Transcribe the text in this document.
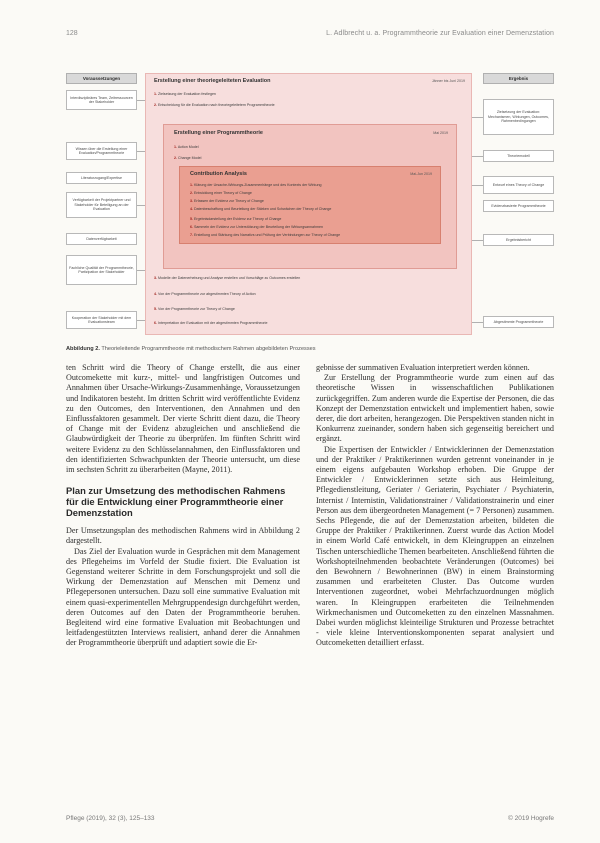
128	L. Adlbrecht u. a. Programmtheorie zur Evaluation einer Demenzstation
Voraussetzungen	Ergebnis
Interdisziplinäres Team, Zeitressourcen der Stakeholder
Wissen über die Erstellung einer Evaluation/Programmtheorie
Literaturzugang/Expertise
Verfügbarkeit der Projektpartner und Stakeholder für Beteiligung an der Evaluation
Datenverfügbarkeit
Fachliche Qualität der Programmtheorie, Partizipation der Stakeholder
Kooperation der Stakeholder mit dem Evaluationsteam
Zielsetzung der Evaluation: Mechanismen, Wirkungen, Outcomes, Rahmenbedingungen
Theoriemodell
Entwurf eines Theory of Change
Evidenzbasierte Programmtheorie
Ergebnisbericht
Abgestimmte Programmtheorie
Erstellung einer theoriegeleiteten Evaluation	Jänner bis Juni 2019
1. Zielsetzung der Evaluation festlegen
2. Entscheidung für die Evaluation nach theoriegeleitetem Programmtheorie
3. Modelle der Datenerhebung und Analyse erstellen und Vorschläge zu Outcomes erstellen
4. Von der Programmtheorie zur abgestimmten Theory of Action
5. Von der Programmtheorie zur Theory of Change
6. Interpretation der Evaluation mit der abgestimmten Programmtheorie
Erstellung einer Programmtheorie	Mai 2019
1. Action Model
2. Change Model
Contribution Analysis	Mai-Jun 2019
1. Klärung der Ursache-Wirkungs-Zusammenhänge und des Kontexts der Wirkung
2. Entwicklung einer Theory of Change
3. Erfassen der Evidenz zur Theory of Change
4. Datenbeschaffung und Beurteilung der Stärken und Schwächen der Theory of Change
5. Ergebnisdarstellung der Evidenz zur Theory of Change
6. Sammeln der Evidenz zur Unterstützung der Beurteilung der Wirkungsannahmen
7. Erstellung und Stärkung des Narrativs und Prüfung der Verbindungen zur Theory of Change
Abbildung 2. Theorieleitende Programmtheorie mit methodischem Rahmen abgebildeten Prozesses

ten Schritt wird die Theory of Change erstellt, die aus einer Outcomekette mit kurz-, mittel- und langfristigen Outcomes und Annahmen über Ursache-Wirkungs-Zusammenhänge, Voraussetzungen und Indikatoren besteht. Im dritten Schritt wird veröffentlichte Evidenz zu den Outcomes, den Interventionen, den Annahmen und den Einflussfaktoren gesammelt. Der vierte Schritt dient dazu, die Theory of Change mit der Evidenz abzugleichen und anschließend die Glaubwürdigkeit der Theorie zu überprüfen. Im fünften Schritt wird weitere Evidenz zu den Schlüsselannahmen, den Einflussfaktoren und den identifizierten Schwachpunkten der Theorie untersucht, um diese im sechsten Schritt zu überarbeiten (Mayne, 2011).

Plan zur Umsetzung des methodischen Rahmens für die Entwicklung einer Programmtheorie einer Demenzstation

Der Umsetzungsplan des methodischen Rahmens wird in Abbildung 2 dargestellt.

Das Ziel der Evaluation wurde in Gesprächen mit dem Management des Pflegeheims im Vorfeld der Studie fixiert. Die Evaluation ist Gegenstand weiterer Schritte in dem Forschungsprojekt und soll die Wirkung der Demenzstation auf Menschen mit Demenz und Pflegepersonen untersuchen. Dazu soll eine summative Evaluation mit einem quasi-experimentellen Mehrgruppendesign durchgeführt werden, deren Outcomes auf den Daten der Programmtheorie beruhen. Begleitend wird eine formative Evaluation mit Beobachtungen und leitfadengestützten Interviews realisiert, anhand derer die Annahmen der Programmtheorie überprüft und adaptiert sowie die Er-

gebnisse der summativen Evaluation interpretiert werden können.

Zur Erstellung der Programmtheorie wurde zum einen auf das theoretische Wissen in wissenschaftlichen Publikationen zurückgegriffen. Zum anderen wurde die Expertise der Personen, die das Konzept der Demenzstation entwickelt und implementiert haben, sowie derer, die dort arbeiten, herangezogen. Die Perspektiven standen nicht in Konkurrenz zueinander, sondern haben sich gegenseitig bereichert und ergänzt.

Die Expertisen der Entwickler / Entwicklerinnen der Demenzstation und der Praktiker / Praktikerinnen wurden getrennt voneinander in je einem eigens aufgebauten Workshop erhoben. Die Gruppe der Entwickler / Entwicklerinnen setzte sich aus Heimleitung, Pflegedienstleitung, Geriater / Geriaterin, Psychiater / Psychiaterin, Internist / Internistin, Validationstrainer / Validationstrainerin und einer Person aus dem übergeordneten Management (= 7 Personen) zusammen. Sechs Pflegende, die auf der Demenzstation arbeiten, bildeten die Gruppe der Praktiker / Praktikerinnen. Zuerst wurde das Action Model in einem World Café entwickelt, in dem Kleingruppen an einzelnen Tischen unterschiedliche Themen bearbeiteten. Anschließend führten die Workshopteilnehmenden beobachtete Veränderungen (Outcomes) bei den Bewohnern / Bewohnerinnen (BW) in einem Brainstorming zusammen und erarbeiteten Cluster. Das Outcome wurden Interventionen zugeordnet, wobei Mehrfachzuordnungen möglich waren. In Kleingruppen erarbeiteten die Teilnehmenden Wirkmechanismen und Outcomeketten zu den einzelnen Massnahmen. Dabei wurden möglichst kleinteilige Strukturen und Prozesse betrachtet - viele kleine Interventionskomponenten separat analysiert und Outcomeketten detailliert erfasst.

Pflege (2019), 32 (3), 125–133	© 2019 Hogrefe
